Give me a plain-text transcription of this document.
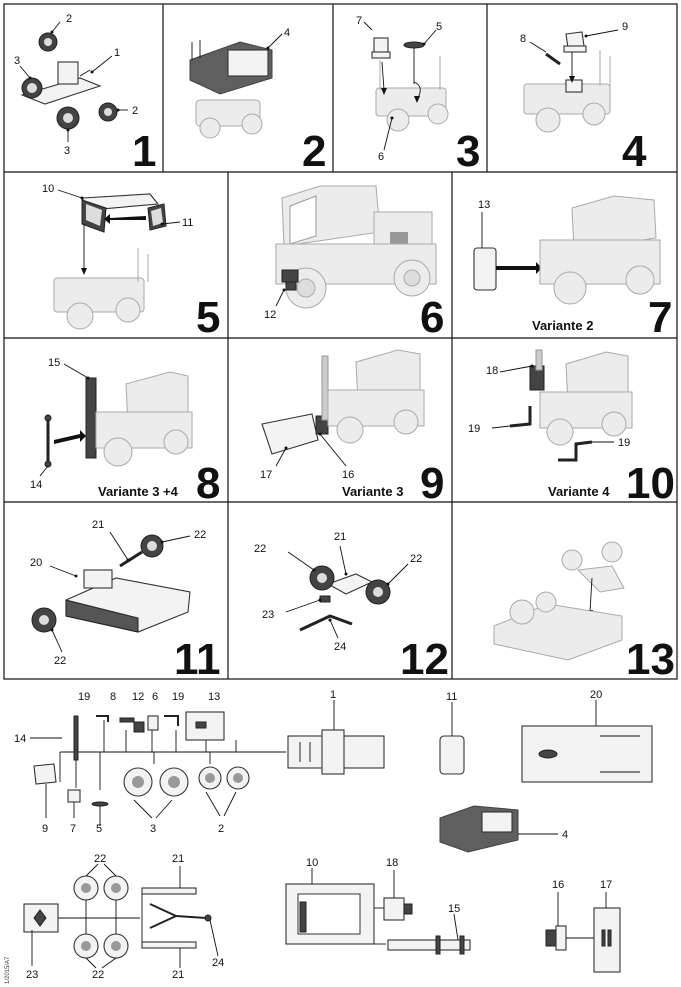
2
1
3
2
3 1
4
2
7	5
6 3
8
9
4
10
11
5	12	6
13
Variante 2 7
15
14	Variante 3 +4 8	17	16
Variante 3 9
18
19
19
Variante 4 10
21
22
20
22 11
21
22
22
23
24 12	13
19 8 12 6 19 13	1	11	20
14
9 7 5	3	2	4
22	21
23	22	21
24
10	18
15
16	17
1/2015/A7
